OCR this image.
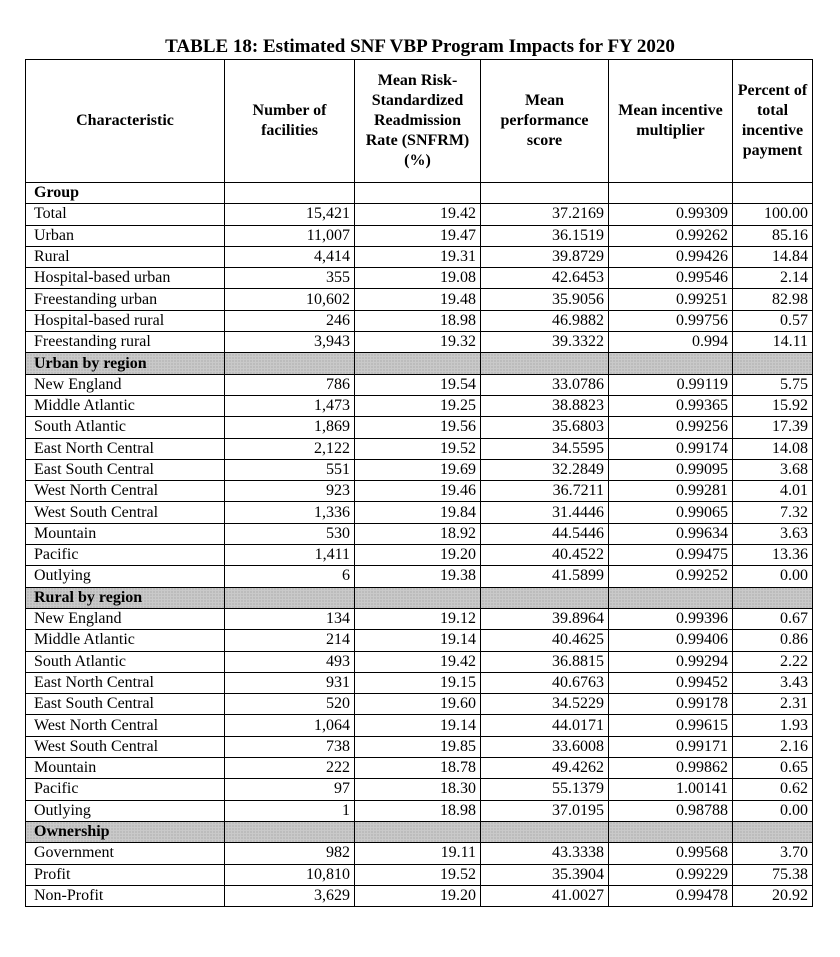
TABLE 18: Estimated SNF VBP Program Impacts for FY 2020
Characteristic	Number of facilities	Mean Risk-Standardized Readmission Rate (SNFRM) (%)	Mean performance score	Mean incentive multiplier	Percent of total incentive payment
Group					
Total	15,421	19.42	37.2169	0.99309	100.00
Urban	11,007	19.47	36.1519	0.99262	85.16
Rural	4,414	19.31	39.8729	0.99426	14.84
Hospital-based urban	355	19.08	42.6453	0.99546	2.14
Freestanding urban	10,602	19.48	35.9056	0.99251	82.98
Hospital-based rural	246	18.98	46.9882	0.99756	0.57
Freestanding rural	3,943	19.32	39.3322	0.994	14.11
Urban by region					
New England	786	19.54	33.0786	0.99119	5.75
Middle Atlantic	1,473	19.25	38.8823	0.99365	15.92
South Atlantic	1,869	19.56	35.6803	0.99256	17.39
East North Central	2,122	19.52	34.5595	0.99174	14.08
East South Central	551	19.69	32.2849	0.99095	3.68
West North Central	923	19.46	36.7211	0.99281	4.01
West South Central	1,336	19.84	31.4446	0.99065	7.32
Mountain	530	18.92	44.5446	0.99634	3.63
Pacific	1,411	19.20	40.4522	0.99475	13.36
Outlying	6	19.38	41.5899	0.99252	0.00
Rural by region					
New England	134	19.12	39.8964	0.99396	0.67
Middle Atlantic	214	19.14	40.4625	0.99406	0.86
South Atlantic	493	19.42	36.8815	0.99294	2.22
East North Central	931	19.15	40.6763	0.99452	3.43
East South Central	520	19.60	34.5229	0.99178	2.31
West North Central	1,064	19.14	44.0171	0.99615	1.93
West South Central	738	19.85	33.6008	0.99171	2.16
Mountain	222	18.78	49.4262	0.99862	0.65
Pacific	97	18.30	55.1379	1.00141	0.62
Outlying	1	18.98	37.0195	0.98788	0.00
Ownership					
Government	982	19.11	43.3338	0.99568	3.70
Profit	10,810	19.52	35.3904	0.99229	75.38
Non-Profit	3,629	19.20	41.0027	0.99478	20.92
